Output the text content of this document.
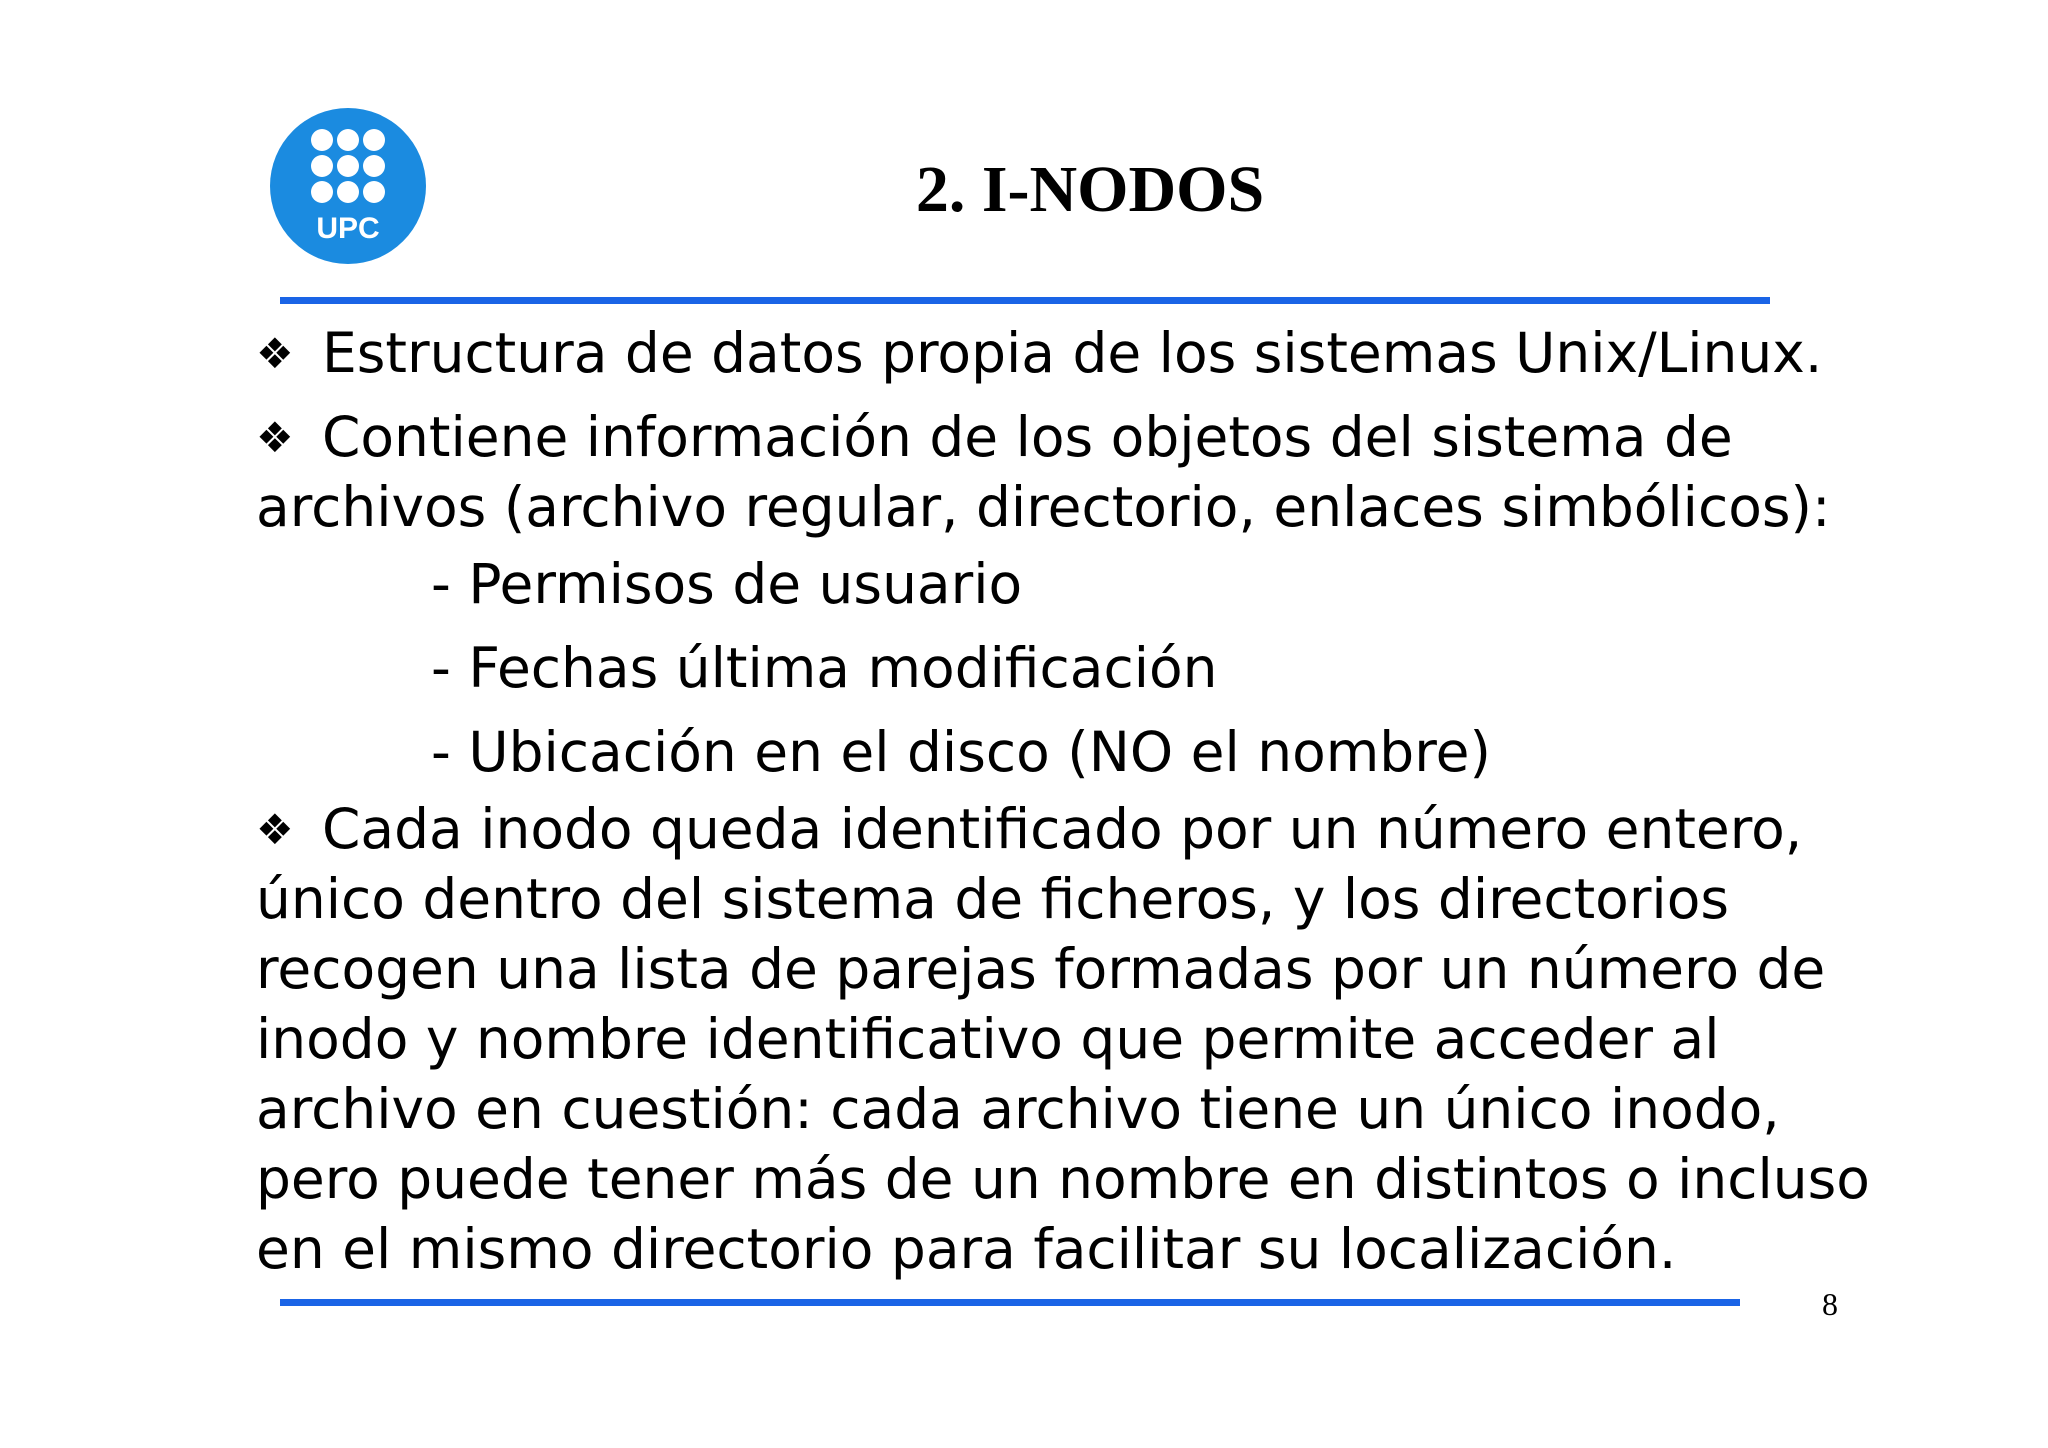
UPC
2. I-NODOS
❖ Estructura de datos propia de los sistemas Unix/Linux.
❖ Contiene información de los objetos del sistema de
archivos (archivo regular, directorio, enlaces simbólicos):
- Permisos de usuario
- Fechas última modificación
- Ubicación en el disco (NO el nombre)
❖ Cada inodo queda identificado por un número entero,
único dentro del sistema de ficheros, y los directorios
recogen una lista de parejas formadas por un número de
inodo y nombre identificativo que permite acceder al
archivo en cuestión: cada archivo tiene un único inodo,
pero puede tener más de un nombre en distintos o incluso
en el mismo directorio para facilitar su localización.
8
